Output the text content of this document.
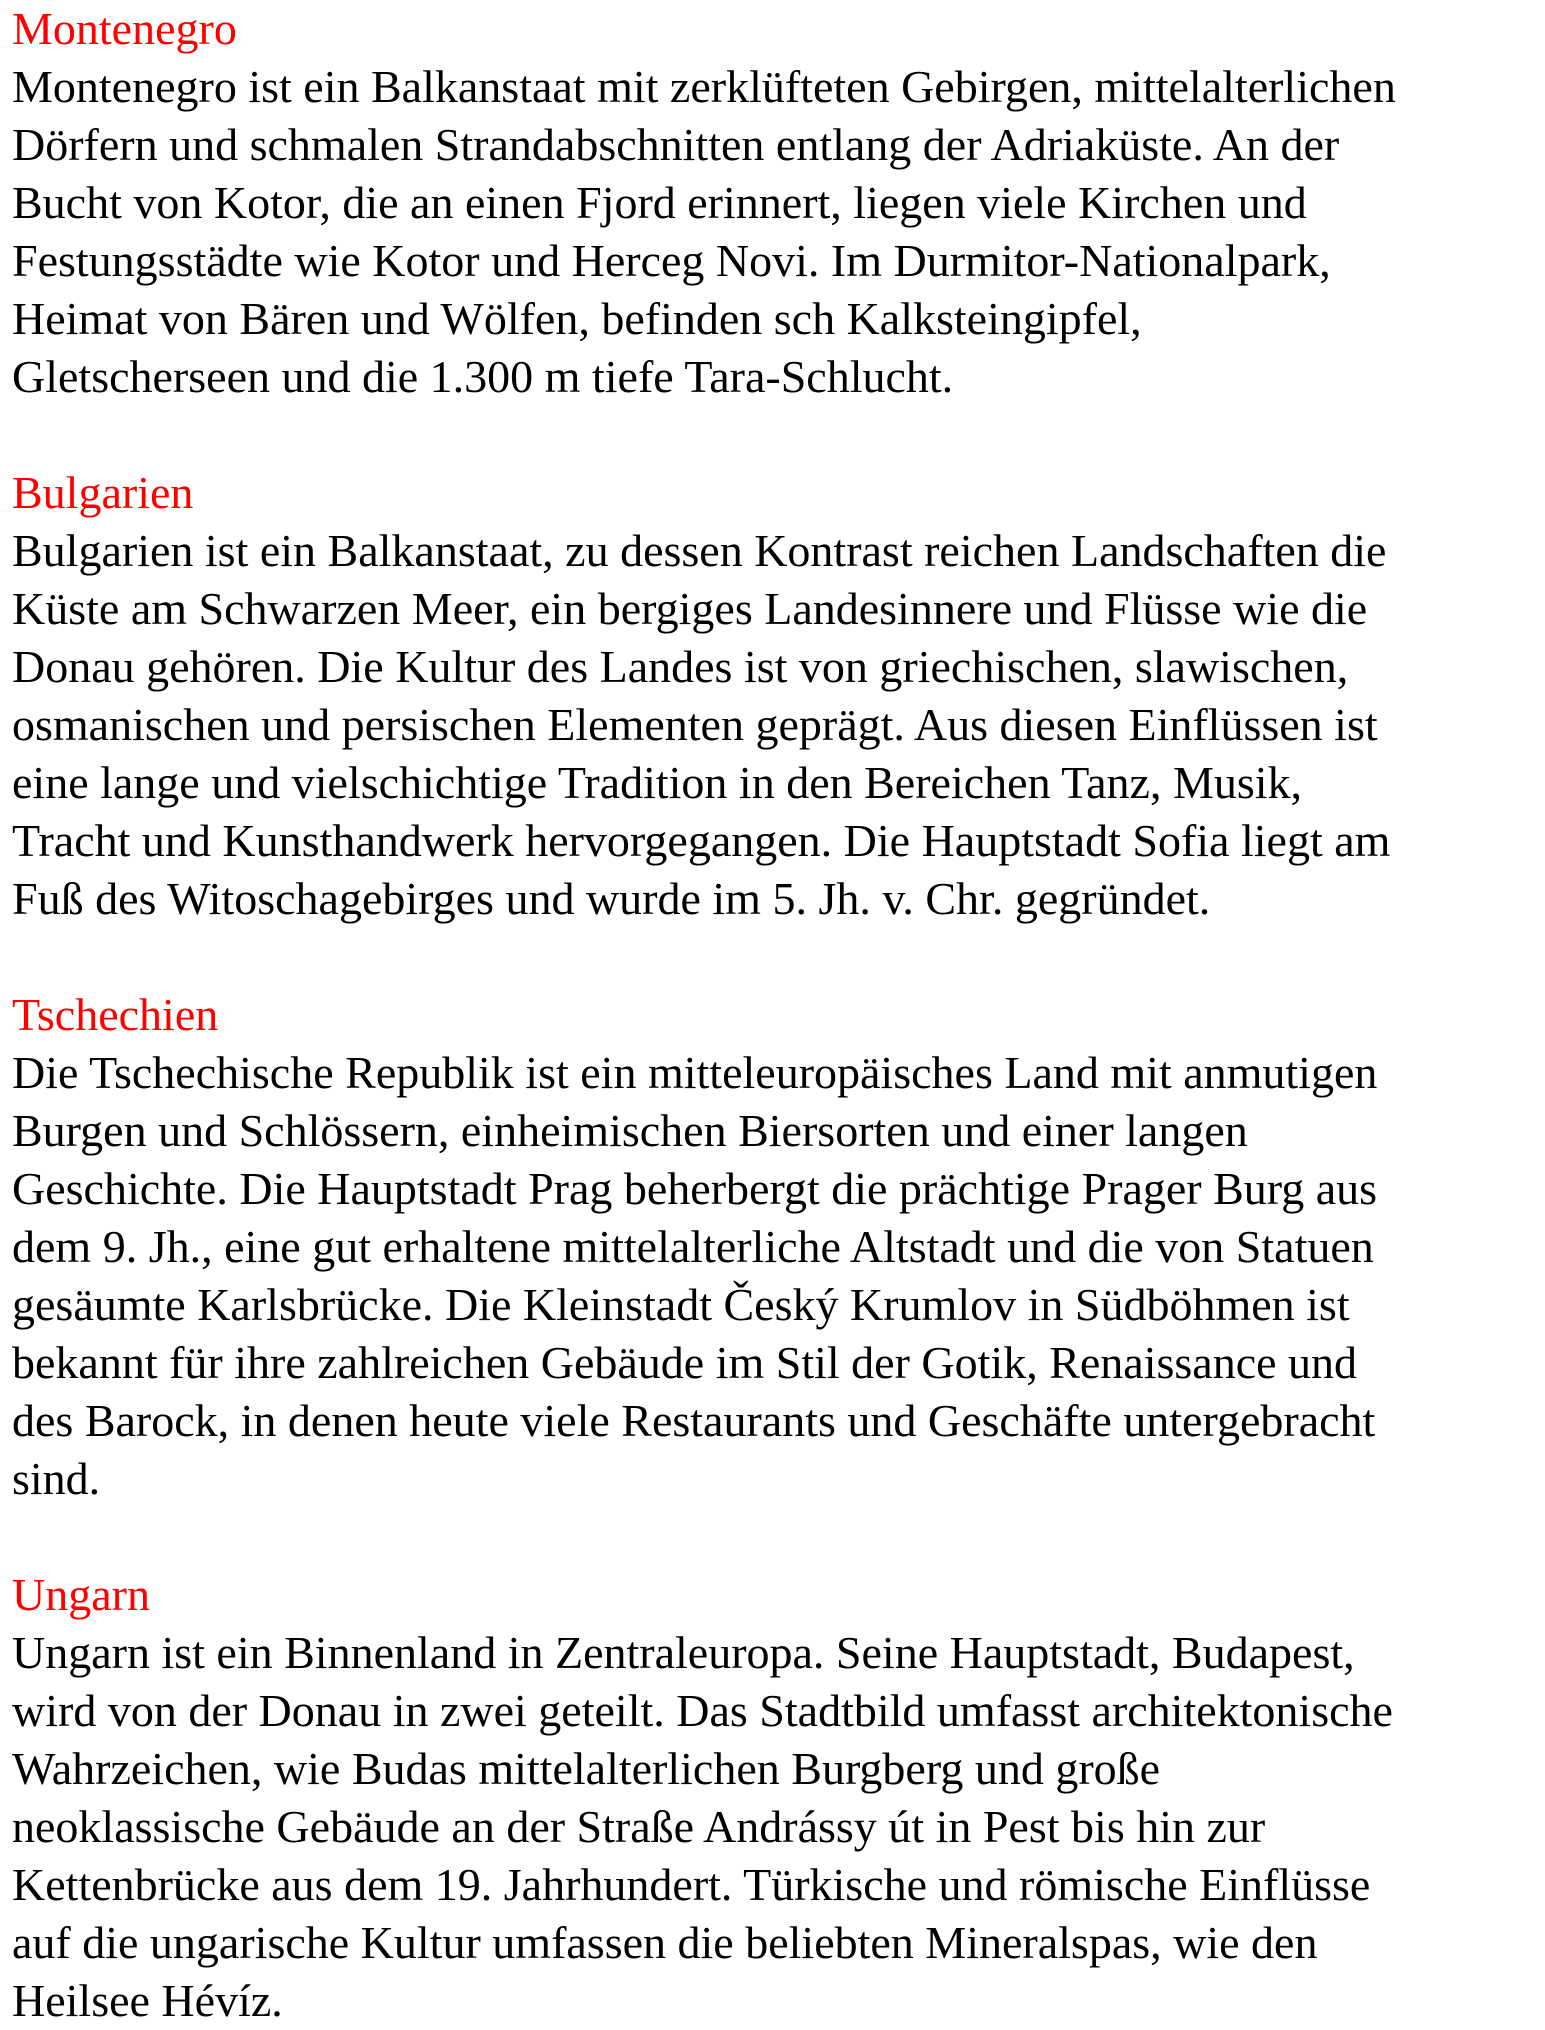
Montenegro

Montenegro ist ein Balkanstaat mit zerklüfteten Gebirgen, mittelalterlichen
Dörfern und schmalen Strandabschnitten entlang der Adriaküste. An der
Bucht von Kotor, die an einen Fjord erinnert, liegen viele Kirchen und
Festungsstädte wie Kotor und Herceg Novi. Im Durmitor-Nationalpark,
Heimat von Bären und Wölfen, befinden sch Kalksteingipfel,
Gletscherseen und die 1.300 m tiefe Tara-Schlucht.

Bulgarien

Bulgarien ist ein Balkanstaat, zu dessen Kontrast reichen Landschaften die
Küste am Schwarzen Meer, ein bergiges Landesinnere und Flüsse wie die
Donau gehören. Die Kultur des Landes ist von griechischen, slawischen,
osmanischen und persischen Elementen geprägt. Aus diesen Einflüssen ist
eine lange und vielschichtige Tradition in den Bereichen Tanz, Musik,
Tracht und Kunsthandwerk hervorgegangen. Die Hauptstadt Sofia liegt am
Fuß des Witoschagebirges und wurde im 5. Jh. v. Chr. gegründet.

Tschechien

Die Tschechische Republik ist ein mitteleuropäisches Land mit anmutigen
Burgen und Schlössern, einheimischen Biersorten und einer langen
Geschichte. Die Hauptstadt Prag beherbergt die prächtige Prager Burg aus
dem 9. Jh., eine gut erhaltene mittelalterliche Altstadt und die von Statuen
gesäumte Karlsbrücke. Die Kleinstadt Český Krumlov in Südböhmen ist
bekannt für ihre zahlreichen Gebäude im Stil der Gotik, Renaissance und
des Barock, in denen heute viele Restaurants und Geschäfte untergebracht
sind.

Ungarn

Ungarn ist ein Binnenland in Zentraleuropa. Seine Hauptstadt, Budapest,
wird von der Donau in zwei geteilt. Das Stadtbild umfasst architektonische
Wahrzeichen, wie Budas mittelalterlichen Burgberg und große
neoklassische Gebäude an der Straße Andrássy út in Pest bis hin zur
Kettenbrücke aus dem 19. Jahrhundert. Türkische und römische Einflüsse
auf die ungarische Kultur umfassen die beliebten Mineralspas, wie den
Heilsee Hévíz.
